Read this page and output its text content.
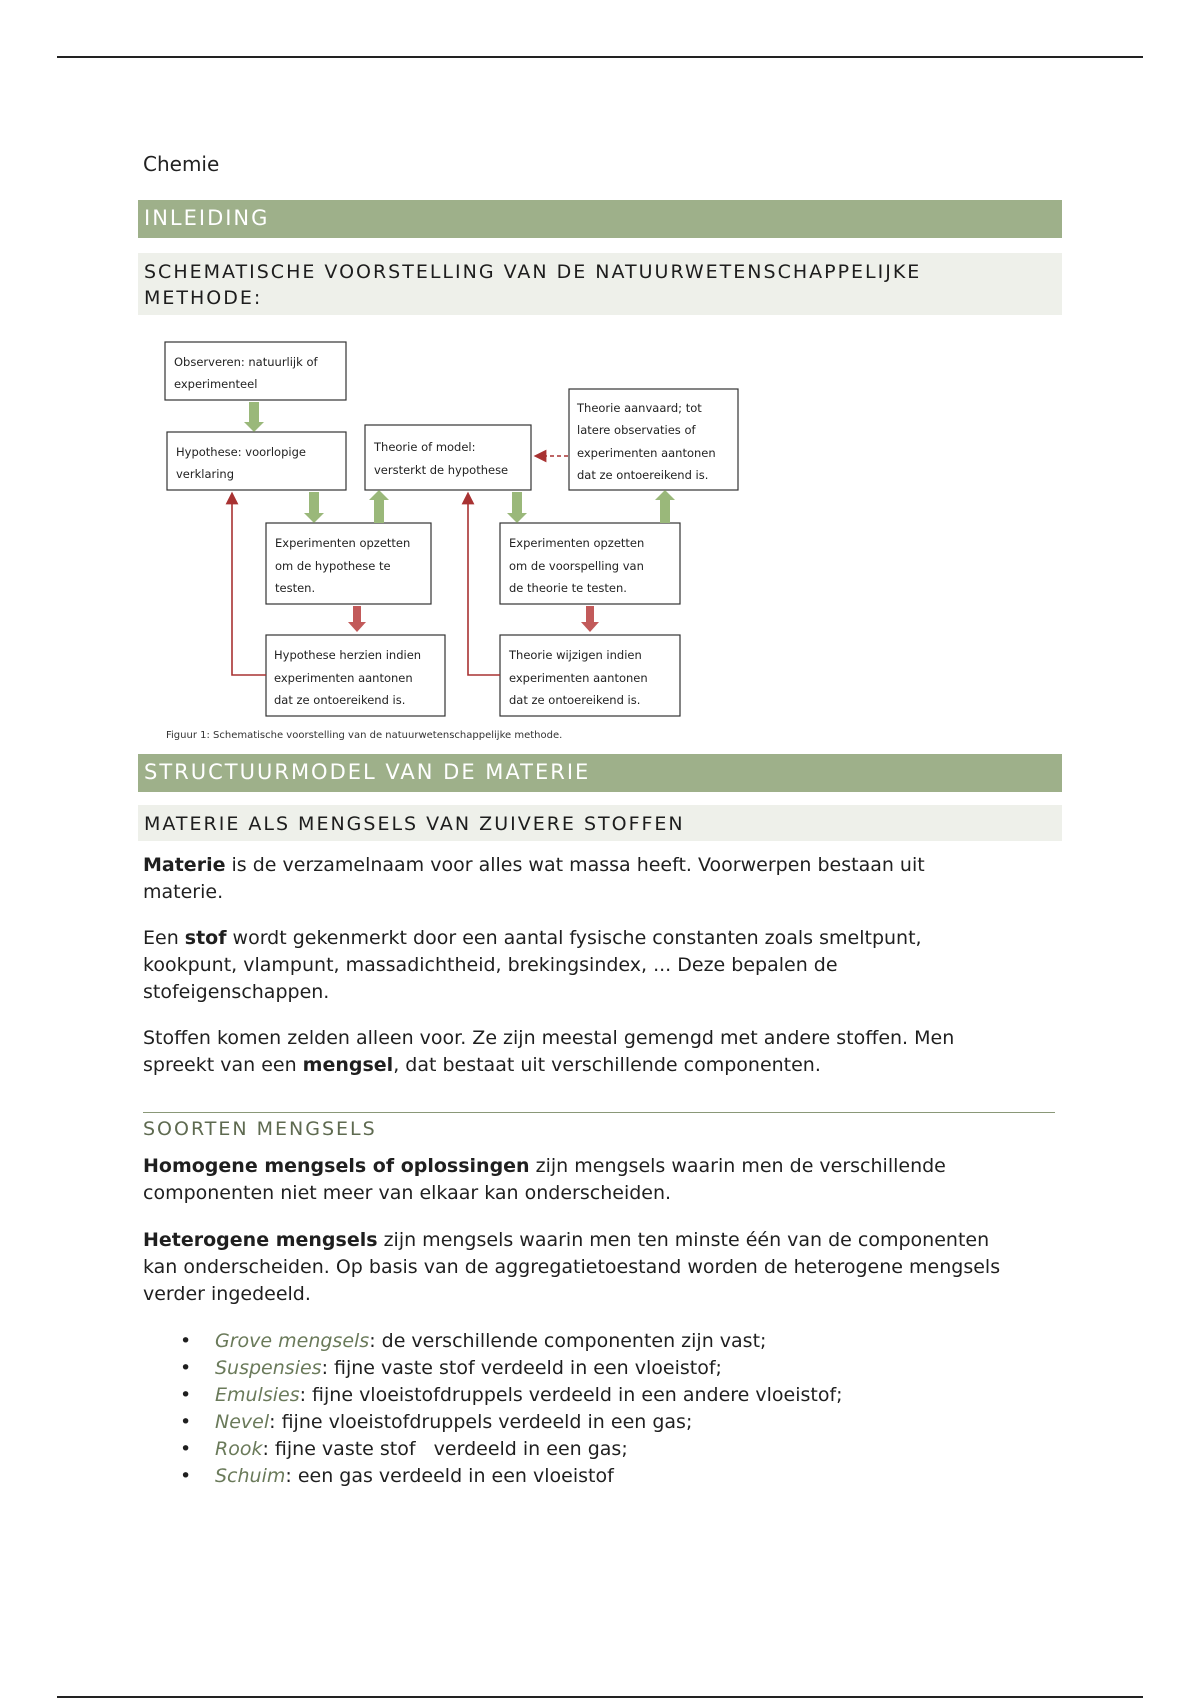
Chemie
INLEIDING
SCHEMATISCHE VOORSTELLING VAN DE NATUURWETENSCHAPPELIJKE
METHODE:
Observeren: natuurlijk of
experimenteel
Hypothese: voorlopige
verklaring
Theorie of model:
versterkt de hypothese
Theorie aanvaard; tot
latere observaties of
experimenten aantonen
dat ze ontoereikend is.
Experimenten opzetten
om de hypothese te
testen.
Experimenten opzetten
om de voorspelling van
de theorie te testen.
Hypothese herzien indien
experimenten aantonen
dat ze ontoereikend is.
Theorie wijzigen indien
experimenten aantonen
dat ze ontoereikend is.
Figuur 1: Schematische voorstelling van de natuurwetenschappelijke methode.
STRUCTUURMODEL VAN DE MATERIE
MATERIE ALS MENGSELS VAN ZUIVERE STOFFEN
Materie is de verzamelnaam voor alles wat massa heeft. Voorwerpen bestaan uit
materie.
Een stof wordt gekenmerkt door een aantal fysische constanten zoals smeltpunt,
kookpunt, vlampunt, massadichtheid, brekingsindex, ... Deze bepalen de
stofeigenschappen.
Stoffen komen zelden alleen voor. Ze zijn meestal gemengd met andere stoffen. Men
spreekt van een mengsel, dat bestaat uit verschillende componenten.
SOORTEN MENGSELS
Homogene mengsels of oplossingen zijn mengsels waarin men de verschillende
componenten niet meer van elkaar kan onderscheiden.
Heterogene mengsels zijn mengsels waarin men ten minste één van de componenten
kan onderscheiden. Op basis van de aggregatietoestand worden de heterogene mengsels
verder ingedeeld.
• Grove mengsels: de verschillende componenten zijn vast;
• Suspensies: fijne vaste stof verdeeld in een vloeistof;
• Emulsies: fijne vloeistofdruppels verdeeld in een andere vloeistof;
• Nevel: fijne vloeistofdruppels verdeeld in een gas;
• Rook: fijne vaste stof   verdeeld in een gas;
• Schuim: een gas verdeeld in een vloeistof
